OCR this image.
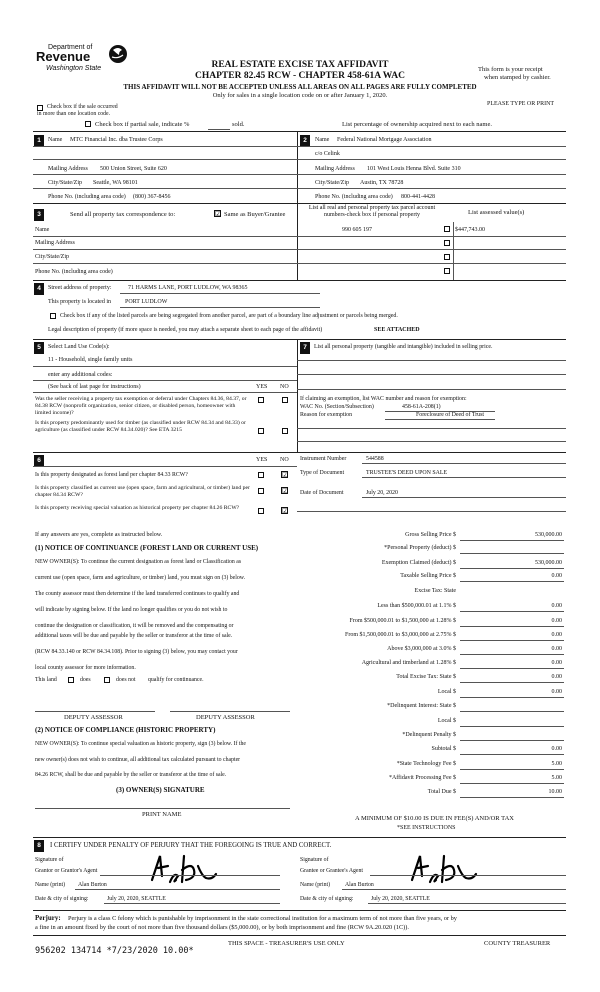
Department of
Revenue
Washington State	REAL ESTATE EXCISE TAX AFFIDAVIT
CHAPTER 82.45 RCW - CHAPTER 458-61A WAC
THIS AFFIDAVIT WILL NOT BE ACCEPTED UNLESS ALL AREAS ON ALL PAGES ARE FULLY COMPLETED
Only for sales in a single location code on or after January 1, 2020.
This form is your receipt
when stamped by cashier.
PLEASE TYPE OR PRINT
Check box if the sale occurred
in more than one location code.
Check box if partial sale, indicate %	sold.	List percentage of ownership acquired next to each name.
1	Name MTC Financial Inc. dba Trustee Corps
Mailing Address 500 Union Street, Suite 620
City/State/Zip Seattle, WA 98101
Phone No. (including area code) (800) 367-8456
2	Name Federal National Mortgage Association
c/o Celink
Mailing Address 101 West Louis Henna Blvd. Suite 310
City/State/Zip Austin, TX 78728
Phone No. (including area code) 800-441-4428
3	Send all property tax correspondence to:	☑ Same as Buyer/Grantee
List all real and personal property tax parcel account
numbers-check box if personal property	List assessed value(s)
Name
Mailing Address
City/State/Zip
Phone No. (including area code)
990 605 197	$447,743.00
4	Street address of property:	71 HARMS LANE, PORT LUDLOW, WA 98365
This property is located in PORT LUDLOW
Check box if any of the listed parcels are being segregated from another parcel, are part of a boundary line adjustment or parcels being merged.
Legal description of property (if more space is needed, you may attach a separate sheet to each page of the affidavit)	SEE ATTACHED
5	Select Land Use Code(s):
11 - Household, single family units
enter any additional codes:
(See back of last page for instructions)	YES NO
Was the seller receiving a property tax exemption or deferral under Chapters 84.36, 84.37, or 84.38 RCW (nonprofit organization, senior citizen, or disabled person, homeowner with limited income)?
Is this property predominantly used for timber (as classified under RCW 84.34 and 84.33) or agriculture (as classified under RCW 84.34.020)? See ETA 3215
7	List all personal property (tangible and intangible) included in selling price.
If claiming an exemption, list WAC number and reason for exemption:
WAC No. (Section/Subsection)	458-61A-208(1)
Reason for exemption	Foreclosure of Deed of Trust
6	YES NO
Is this property designated as forest land per chapter 84.33 RCW?	☑
Is this property classified as current use (open space, farm and agricultural, or timber) land per chapter 84.34 RCW?	☑
Is this property receiving special valuation as historical property per chapter 84.26 RCW?	☑
If any answers are yes, complete as instructed below.
(1) NOTICE OF CONTINUANCE (FOREST LAND OR CURRENT USE)
NEW OWNER(S): To continue the current designation as forest land or Classification as
current use (open space, farm and agriculture, or timber) land, you must sign on (3) below.
The county assessor must then determine if the land transferred continues to qualify and
will indicate by signing below. If the land no longer qualifies or you do not wish to
continue the designation or classification, it will be removed and the compensating or
additional taxes will be due and payable by the seller or transferor at the time of sale.
(RCW 84.33.140 or RCW 84.34.108). Prior to signing (3) below, you may contact your
local county assessor for more information.
This land	does	does not qualify for continuance.
DEPUTY ASSESSOR	DEPUTY ASSESSOR
(2) NOTICE OF COMPLIANCE (HISTORIC PROPERTY)
NEW OWNER(S): To continue special valuation as historic property, sign (3) below. If the
new owner(s) does not wish to continue, all additional tax calculated pursuant to chapter
84.26 RCW, shall be due and payable by the seller or transferor at the time of sale.
(3) OWNER(S) SIGNATURE
PRINT NAME
Instrument Number	544588
Type of Document	TRUSTEE'S DEED UPON SALE
Date of Document	July 20, 2020
Gross Selling Price $	530,000.00
*Personal Property (deduct) $
Exemption Claimed (deduct) $	530,000.00
Taxable Selling Price $	0.00
Excise Tax: State
Less than $500,000.01 at 1.1% $	0.00
From $500,000.01 to $1,500,000 at 1.28% $	0.00
From $1,500,000.01 to $3,000,000 at 2.75% $	0.00
Above $3,000,000 at 3.0% $	0.00
Agricultural and timberland at 1.28% $	0.00
Total Excise Tax: State $	0.00
Local $	0.00
*Delinquent Interest: State $
Local $
*Delinquent Penalty $
Subtotal $	0.00
*State Technology Fee $	5.00
*Affidavit Processing Fee $	5.00
Total Due $	10.00
A MINIMUM OF $10.00 IS DUE IN FEE(S) AND/OR TAX
*SEE INSTRUCTIONS
8	I CERTIFY UNDER PENALTY OF PERJURY THAT THE FOREGOING IS TRUE AND CORRECT.
Signature of
Grantor or Grantor's Agent
Name (print) Alan Burton
Date & city of signing:	July 20, 2020, SEATTLE
Signature of
Grantee or Grantee's Agent
Name (print)	Alan Burton
Date & city of signing:	July 20, 2020, SEATTLE
Perjury: Perjury is a class C felony which is punishable by imprisonment in the state correctional institution for a maximum term of not more than five years, or by
a fine in an amount fixed by the court of not more than five thousand dollars ($5,000.00), or by both imprisonment and fine (RCW 9A.20.020 (1C)).
956202 134714 *7/23/2020 10.00*
THIS SPACE - TREASURER'S USE ONLY	COUNTY TREASURER
